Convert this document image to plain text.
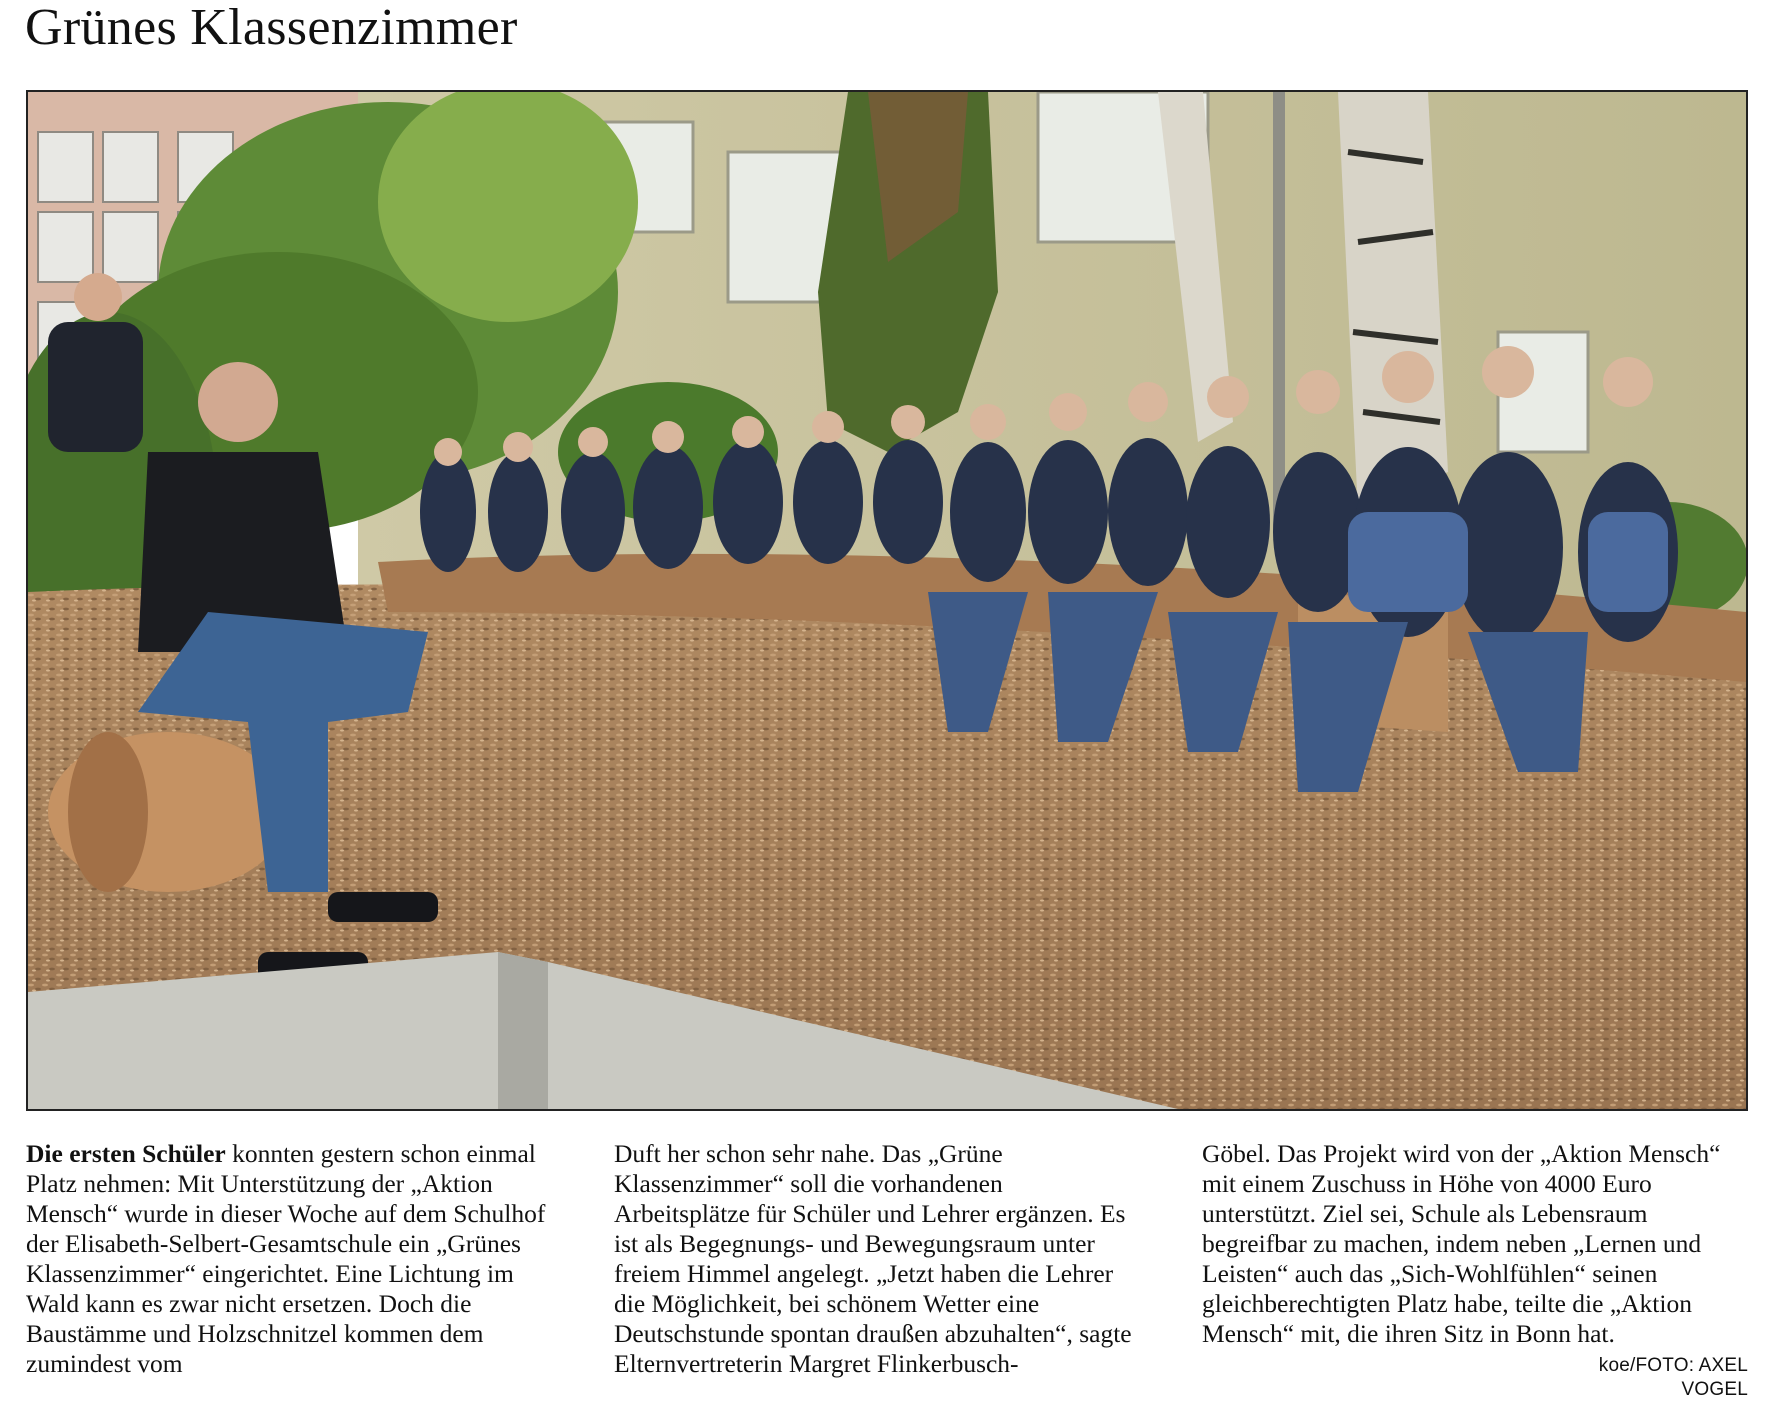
Grünes Klassenzimmer

Die ersten Schüler konnten gestern schon einmal Platz nehmen: Mit Unterstützung der „Aktion Mensch“ wurde in dieser Woche auf dem Schulhof der Elisabeth-Selbert-Gesamtschule ein „Grünes Klassenzimmer“ eingerichtet. Eine Lichtung im Wald kann es zwar nicht ersetzen. Doch die Baustämme und Holzschnitzel kommen dem zumindest vom

Duft her schon sehr nahe. Das „Grüne Klassenzimmer“ soll die vorhandenen Arbeitsplätze für Schüler und Lehrer ergänzen. Es ist als Begegnungs- und Bewegungsraum unter freiem Himmel angelegt. „Jetzt haben die Lehrer die Möglichkeit, bei schönem Wetter eine Deutschstunde spontan draußen abzuhalten“, sagte Elternvertreterin Margret Flinkerbusch-

Göbel. Das Projekt wird von der „Aktion Mensch“ mit einem Zuschuss in Höhe von 4000 Euro unterstützt. Ziel sei, Schule als Lebensraum begreifbar zu machen, indem neben „Lernen und Leisten“ auch das „Sich-Wohlfühlen“ seinen gleichberechtigten Platz habe, teilte die „Aktion Mensch“ mit, die ihren Sitz in Bonn hat.

koe/FOTO: AXEL VOGEL
